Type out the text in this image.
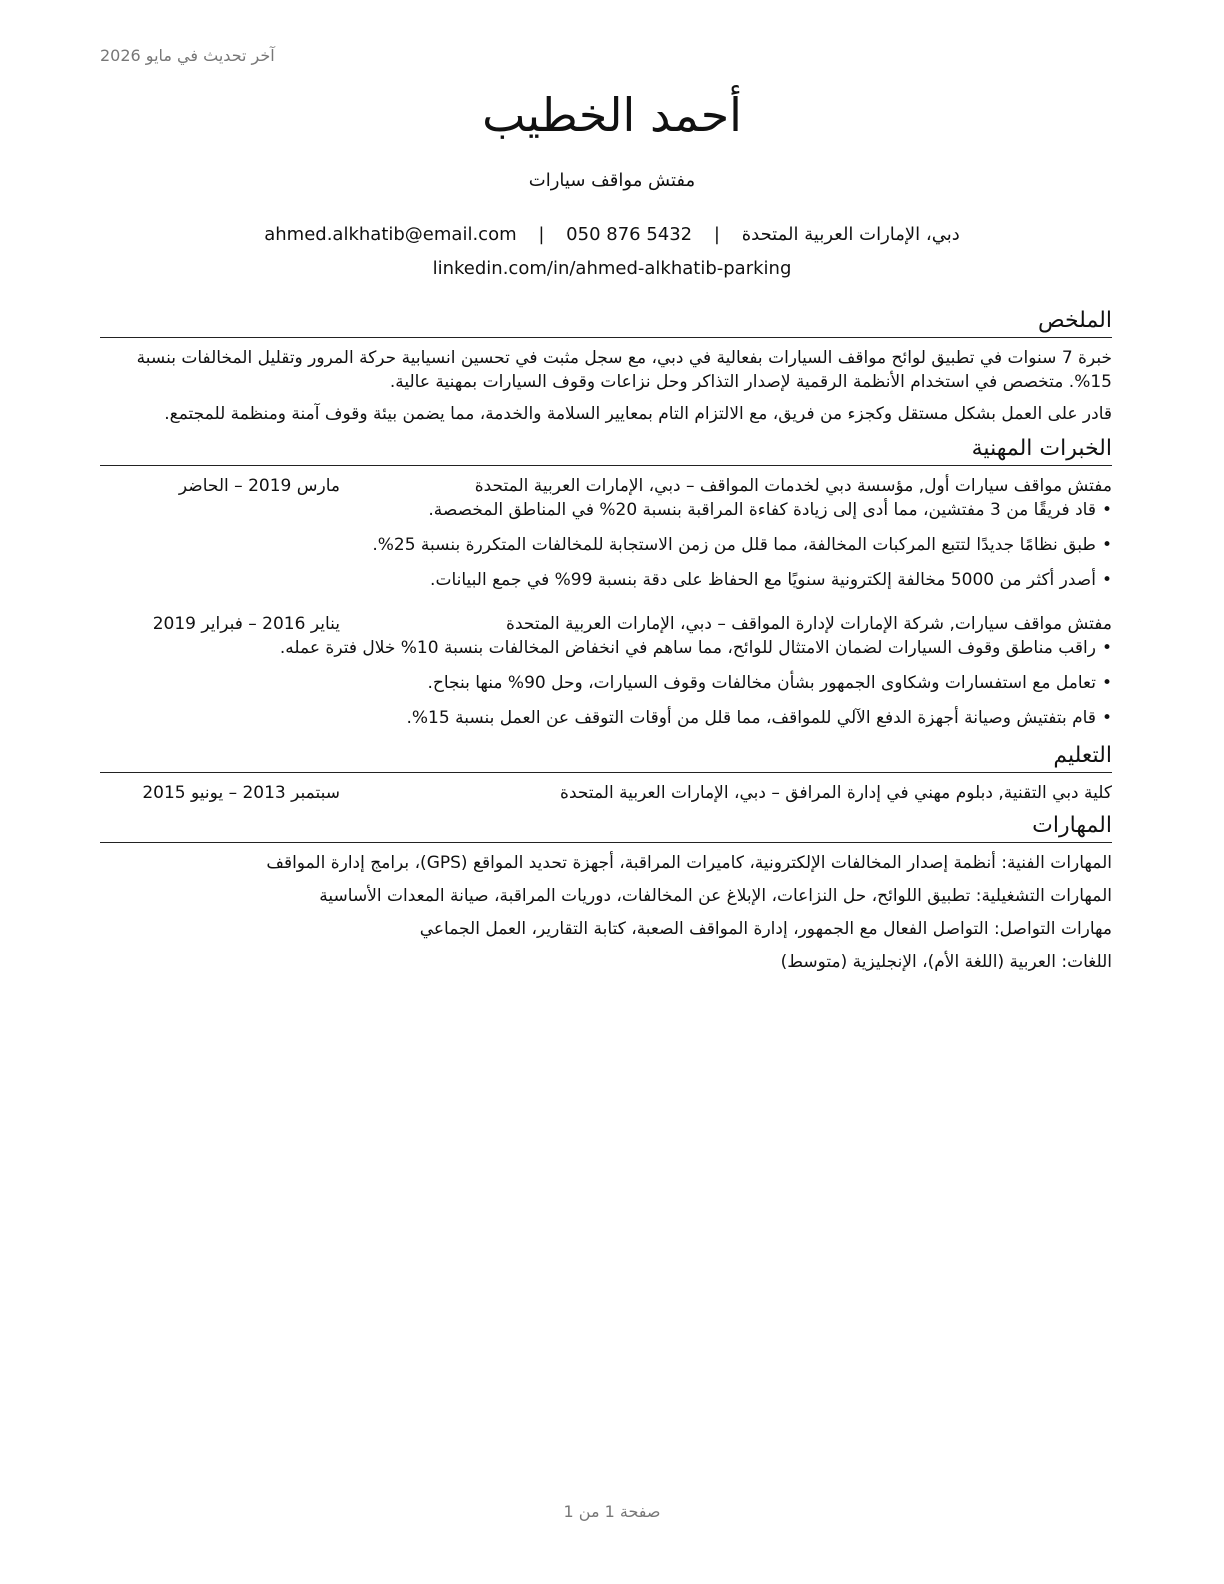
آخر تحديث في مايو 2026
أحمد الخطيب
مفتش مواقف سيارات
دبي، الإمارات العربية المتحدة | ahmed.alkhatib@email.com | 050 876 5432
linkedin.com/in/ahmed-alkhatib-parking
الملخص

خبرة 7 سنوات في تطبيق لوائح مواقف السيارات بفعالية في دبي، مع سجل مثبت في تحسين انسيابية حركة المرور وتقليل المخالفات بنسبة 15%. متخصص في استخدام الأنظمة الرقمية لإصدار التذاكر وحل نزاعات وقوف السيارات بمهنية عالية.

قادر على العمل بشكل مستقل وكجزء من فريق، مع الالتزام التام بمعايير السلامة والخدمة، مما يضمن بيئة وقوف آمنة ومنظمة للمجتمع.

الخبرات المهنية
مفتش مواقف سيارات أول, مؤسسة دبي لخدمات المواقف – دبي، الإمارات العربية المتحدة
مارس 2019 – الحاضر
• قاد فريقًا من 3 مفتشين، مما أدى إلى زيادة كفاءة المراقبة بنسبة 20% في المناطق المخصصة.
• طبق نظامًا جديدًا لتتبع المركبات المخالفة، مما قلل من زمن الاستجابة للمخالفات المتكررة بنسبة 25%.
• أصدر أكثر من 5000 مخالفة إلكترونية سنويًا مع الحفاظ على دقة بنسبة 99% في جمع البيانات.
مفتش مواقف سيارات, شركة الإمارات لإدارة المواقف – دبي، الإمارات العربية المتحدة
يناير 2016 – فبراير 2019
• راقب مناطق وقوف السيارات لضمان الامتثال للوائح، مما ساهم في انخفاض المخالفات بنسبة 10% خلال فترة عمله.
• تعامل مع استفسارات وشكاوى الجمهور بشأن مخالفات وقوف السيارات، وحل 90% منها بنجاح.
• قام بتفتيش وصيانة أجهزة الدفع الآلي للمواقف، مما قلل من أوقات التوقف عن العمل بنسبة 15%.
التعليم
كلية دبي التقنية, دبلوم مهني في إدارة المرافق – دبي، الإمارات العربية المتحدة
سبتمبر 2013 – يونيو 2015
المهارات

المهارات الفنية: أنظمة إصدار المخالفات الإلكترونية، كاميرات المراقبة، أجهزة تحديد المواقع (GPS)، برامج إدارة المواقف

المهارات التشغيلية: تطبيق اللوائح، حل النزاعات، الإبلاغ عن المخالفات، دوريات المراقبة، صيانة المعدات الأساسية

مهارات التواصل: التواصل الفعال مع الجمهور، إدارة المواقف الصعبة، كتابة التقارير، العمل الجماعي

اللغات: العربية (اللغة الأم)، الإنجليزية (متوسط)

صفحة 1 من 1
